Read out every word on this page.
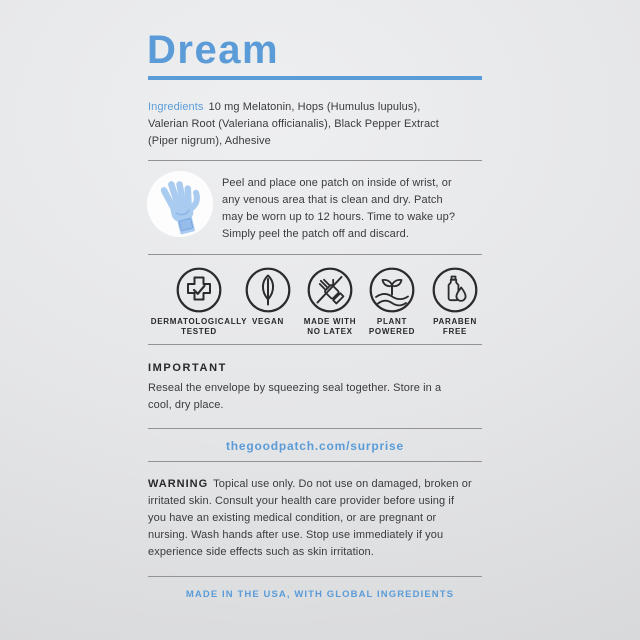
Dream
Ingredients 10 mg Melatonin, Hops (Humulus lupulus),
Valerian Root (Valeriana officianalis), Black Pepper Extract
(Piper nigrum), Adhesive
Peel and place one patch on inside of wrist, or
any venous area that is clean and dry. Patch
may be worn up to 12 hours. Time to wake up?
Simply peel the patch off and discard.
DERMATOLOGICALLY TESTED
VEGAN	MADE WITH NO LATEX
PLANT POWERED
PARABEN FREE
IMPORTANT
Reseal the envelope by squeezing seal together. Store in a
cool, dry place.
thegoodpatch.com/surprise
WARNING Topical use only. Do not use on damaged, broken or
irritated skin. Consult your health care provider before using if
you have an existing medical condition, or are pregnant or
nursing. Wash hands after use. Stop use immediately if you
experience side effects such as skin irritation.
MADE IN THE USA, WITH GLOBAL INGREDIENTS
